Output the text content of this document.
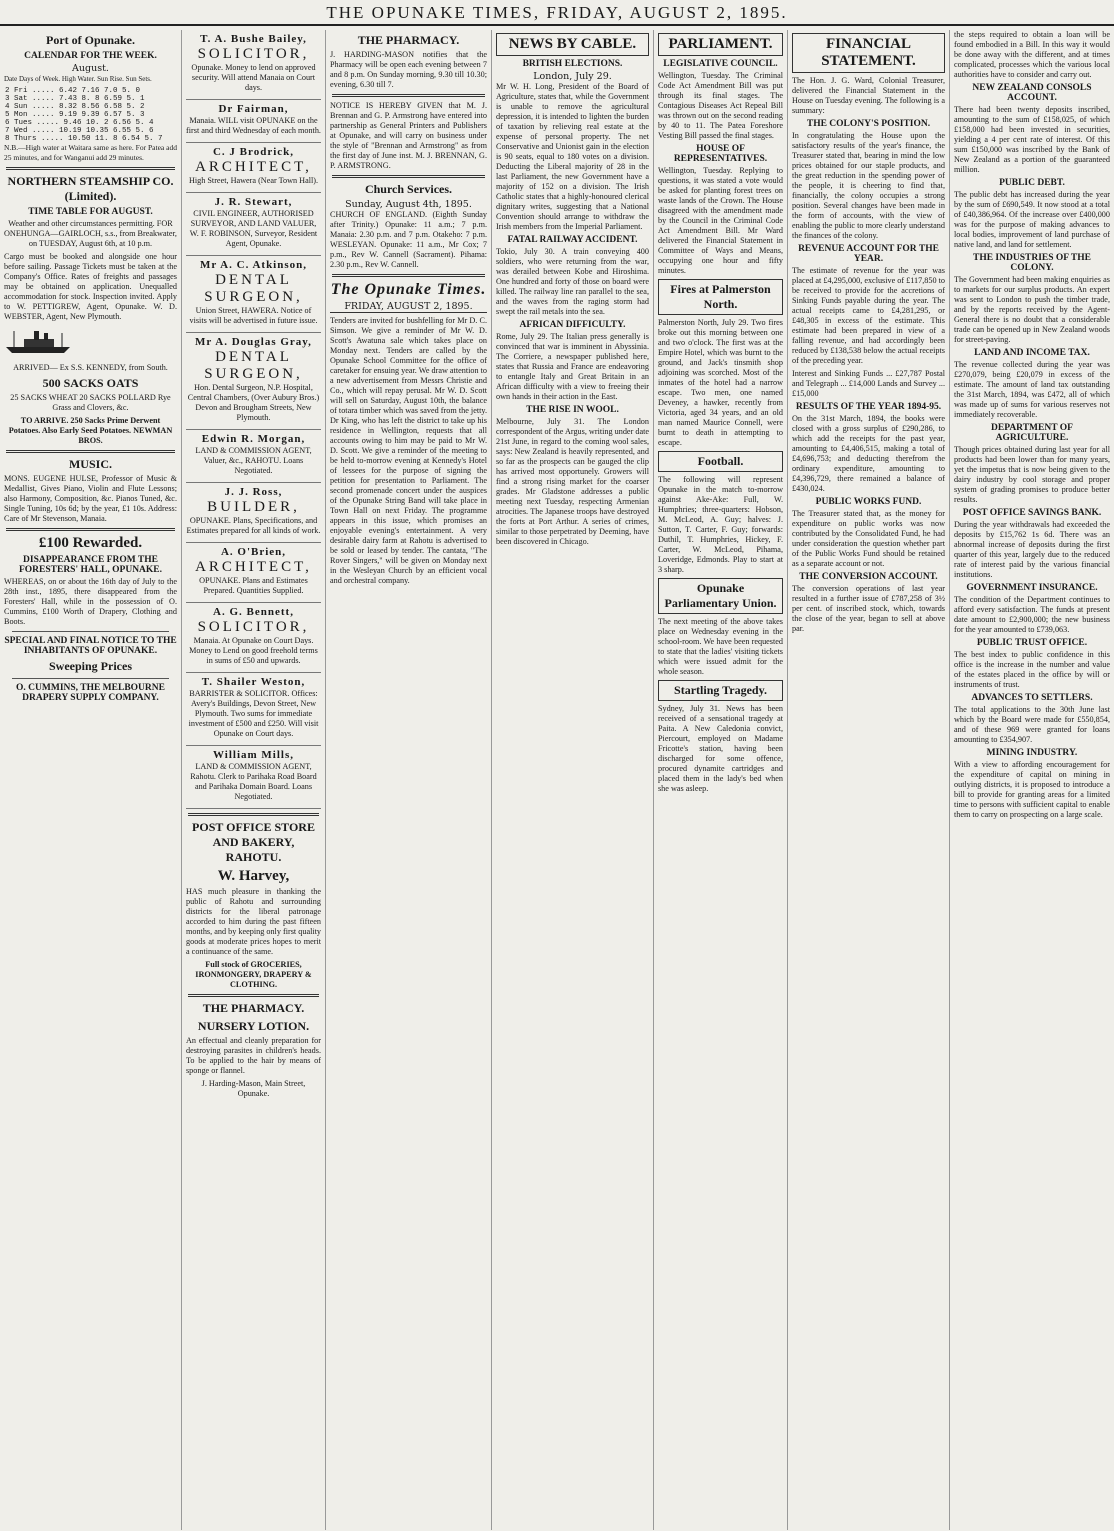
THE OPUNAKE TIMES, FRIDAY, AUGUST 2, 1895.
Port of Opunake.
CALENDAR FOR THE WEEK.
August.
Date Days of Week. High Water. Sun Rise. Sun Sets.
2 Fri ..... 6.42 7.16 7.0 5. 0
3 Sat ..... 7.43 8. 8 6.59 5. 1
4 Sun ..... 8.32 8.56 6.58 5. 2
5 Mon ..... 9.19 9.39 6.57 5. 3
6 Tues ..... 9.46 10. 2 6.56 5. 4
7 Wed ..... 10.19 10.35 6.55 5. 6
8 Thurs ..... 10.50 11. 8 6.54 5. 7
N.B.—High water at Waitara same as here. For Patea add 25 minutes, and for Wanganui add 29 minutes.
NORTHERN STEAMSHIP CO. (Limited).
TIME TABLE FOR AUGUST.
Weather and other circumstances permitting. FOR ONEHUNGA—GAIRLOCH, s.s., from Breakwater, on TUESDAY, August 6th, at 10 p.m.
Cargo must be booked and alongside one hour before sailing. Passage Tickets must be taken at the Company's Office. Rates of freights and passages may be obtained on application. Unequalled accommodation for stock. Inspection invited. Apply to W. PETTIGREW, Agent, Opunake. W. D. WEBSTER, Agent, New Plymouth.
ARRIVED— Ex S.S. KENNEDY, from South.
500 SACKS OATS
25 SACKS WHEAT 20 SACKS POLLARD Rye Grass and Clovers, &c.
TO ARRIVE. 250 Sacks Prime Derwent Potatoes. Also Early Seed Potatoes. NEWMAN BROS.
MUSIC.
MONS. EUGENE HULSE, Professor of Music & Medallist, Gives Piano, Violin and Flute Lessons; also Harmony, Composition, &c. Pianos Tuned, &c. Single Tuning, 10s 6d; by the year, £1 10s. Address: Care of Mr Stevenson, Manaia.
£100 Rewarded.
DISAPPEARANCE FROM THE FORESTERS' HALL, OPUNAKE.
WHEREAS, on or about the 16th day of July to the 28th inst., 1895, there disappeared from the Foresters' Hall, while in the possession of O. Cummins, £100 Worth of Drapery, Clothing and Boots.
SPECIAL AND FINAL NOTICE TO THE INHABITANTS OF OPUNAKE.
Sweeping Prices
O. CUMMINS, THE MELBOURNE DRAPERY SUPPLY COMPANY.
T. A. Bushe Bailey,
SOLICITOR,
Opunake. Money to lend on approved security. Will attend Manaia on Court days.
Dr Fairman,
Manaia. WILL visit OPUNAKE on the first and third Wednesday of each month.
C. J Brodrick,
ARCHITECT,
High Street, Hawera (Near Town Hall).
J. R. Stewart,
CIVIL ENGINEER, AUTHORISED SURVEYOR, AND LAND VALUER, W. F. ROBINSON, Surveyor, Resident Agent, Opunake.
Mr A. C. Atkinson,
DENTAL SURGEON,
Union Street, HAWERA. Notice of visits will be advertised in future issue.
Mr A. Douglas Gray,
DENTAL SURGEON,
Hon. Dental Surgeon, N.P. Hospital, Central Chambers, (Over Aubury Bros.) Devon and Brougham Streets, New Plymouth.
Edwin R. Morgan,
LAND & COMMISSION AGENT, Valuer, &c., RAHOTU. Loans Negotiated.
J. J. Ross,
BUILDER,
OPUNAKE. Plans, Specifications, and Estimates prepared for all kinds of work.
A. O'Brien,
ARCHITECT,
OPUNAKE. Plans and Estimates Prepared. Quantities Supplied.
A. G. Bennett,
SOLICITOR,
Manaia. At Opunake on Court Days. Money to Lend on good freehold terms in sums of £50 and upwards.
T. Shailer Weston,
BARRISTER & SOLICITOR. Offices: Avery's Buildings, Devon Street, New Plymouth. Two sums for immediate investment of £500 and £250. Will visit Opunake on Court days.
William Mills,
LAND & COMMISSION AGENT, Rahotu. Clerk to Parihaka Road Board and Parihaka Domain Board. Loans Negotiated.
POST OFFICE STORE AND BAKERY, RAHOTU.
W. Harvey,
HAS much pleasure in thanking the public of Rahotu and surrounding districts for the liberal patronage accorded to him during the past fifteen months, and by keeping only first quality goods at moderate prices hopes to merit a continuance of the same.
Full stock of GROCERIES, IRONMONGERY, DRAPERY & CLOTHING.
THE PHARMACY.
NURSERY LOTION.
An effectual and cleanly preparation for destroying parasites in children's heads. To be applied to the hair by means of sponge or flannel.
J. Harding-Mason, Main Street, Opunake.
THE PHARMACY.
J. HARDING-MASON notifies that the Pharmacy will be open each evening between 7 and 8 p.m. On Sunday morning, 9.30 till 10.30; evening, 6.30 till 7.
NOTICE IS HEREBY GIVEN that M. J. Brennan and G. P. Armstrong have entered into partnership as General Printers and Publishers at Opunake, and will carry on business under the style of "Brennan and Armstrong" as from the first day of June inst. M. J. BRENNAN, G. P. ARMSTRONG.
Church Services.
Sunday, August 4th, 1895.
CHURCH OF ENGLAND. (Eighth Sunday after Trinity.) Opunake: 11 a.m.; 7 p.m. Manaia: 2.30 p.m. and 7 p.m. Otakeho: 7 p.m. WESLEYAN. Opunake: 11 a.m., Mr Cox; 7 p.m., Rev W. Cannell (Sacrament). Pihama: 2.30 p.m., Rev W. Cannell.
The Opunake Times.
FRIDAY, AUGUST 2, 1895.
Tenders are invited for bushfelling for Mr D. C. Simson. We give a reminder of Mr W. D. Scott's Awatuna sale which takes place on Monday next. Tenders are called by the Opunake School Committee for the office of caretaker for ensuing year. We draw attention to a new advertisement from Messrs Christie and Co., which will repay perusal. Mr W. D. Scott will sell on Saturday, August 10th, the balance of totara timber which was saved from the jetty. Dr King, who has left the district to take up his residence in Wellington, requests that all accounts owing to him may be paid to Mr W. D. Scott. We give a reminder of the meeting to be held to-morrow evening at Kennedy's Hotel of lessees for the purpose of signing the petition for presentation to Parliament. The second promenade concert under the auspices of the Opunake String Band will take place in Town Hall on next Friday. The programme appears in this issue, which promises an enjoyable evening's entertainment. A very desirable dairy farm at Rahotu is advertised to be sold or leased by tender. The cantata, "The Rover Singers," will be given on Monday next in the Wesleyan Church by an efficient vocal and orchestral company.
NEWS BY CABLE.
BRITISH ELECTIONS.
London, July 29.
Mr W. H. Long, President of the Board of Agriculture, states that, while the Government is unable to remove the agricultural depression, it is intended to lighten the burden of taxation by relieving real estate at the expense of personal property. The net Conservative and Unionist gain in the election is 90 seats, equal to 180 votes on a division. Deducting the Liberal majority of 28 in the last Parliament, the new Government have a majority of 152 on a division. The Irish Catholic states that a highly-honoured clerical dignitary writes, suggesting that a National Convention should arrange to withdraw the Irish members from the Imperial Parliament.
FATAL RAILWAY ACCIDENT.
Tokio, July 30. A train conveying 400 soldiers, who were returning from the war, was derailed between Kobe and Hiroshima. One hundred and forty of those on board were killed. The railway line ran parallel to the sea, and the waves from the raging storm had swept the rail metals into the sea.
AFRICAN DIFFICULTY.
Rome, July 29. The Italian press generally is convinced that war is imminent in Abyssinia. The Corriere, a newspaper published here, states that Russia and France are endeavoring to entangle Italy and Great Britain in an African difficulty with a view to freeing their own hands in their action in the East.
THE RISE IN WOOL.
Melbourne, July 31. The London correspondent of the Argus, writing under date 21st June, in regard to the coming wool sales, says: New Zealand is heavily represented, and so far as the prospects can be gauged the clip has arrived most opportunely. Growers will find a strong rising market for the coarser grades. Mr Gladstone addresses a public meeting next Tuesday, respecting Armenian atrocities. The Japanese troops have destroyed the forts at Port Arthur. A series of crimes, similar to those perpetrated by Deeming, have been discovered in Chicago.
PARLIAMENT.
LEGISLATIVE COUNCIL.
Wellington, Tuesday. The Criminal Code Act Amendment Bill was put through its final stages. The Contagious Diseases Act Repeal Bill was thrown out on the second reading by 40 to 11. The Patea Foreshore Vesting Bill passed the final stages.
HOUSE OF REPRESENTATIVES.
Wellington, Tuesday. Replying to questions, it was stated a vote would be asked for planting forest trees on waste lands of the Crown. The House disagreed with the amendment made by the Council in the Criminal Code Act Amendment Bill. Mr Ward delivered the Financial Statement in Committee of Ways and Means, occupying one hour and fifty minutes.
Fires at Palmerston North.
Palmerston North, July 29. Two fires broke out this morning between one and two o'clock. The first was at the Empire Hotel, which was burnt to the ground, and Jack's tinsmith shop adjoining was scorched. Most of the inmates of the hotel had a narrow escape. Two men, one named Deveney, a hawker, recently from Victoria, aged 34 years, and an old man named Maurice Connell, were burnt to death in attempting to escape.
Football.
The following will represent Opunake in the match to-morrow against Ake-Ake: Full, W. Humphries; three-quarters: Hobson, M. McLeod, A. Guy; halves: J. Sutton, T. Carter, F. Guy; forwards: Duthil, T. Humphries, Hickey, F. Carter, W. McLeod, Pihama, Loveridge, Edmonds. Play to start at 3 sharp.
Opunake Parliamentary Union.
The next meeting of the above takes place on Wednesday evening in the school-room. We have been requested to state that the ladies' visiting tickets which were issued admit for the whole season.
Startling Tragedy.
Sydney, July 31. News has been received of a sensational tragedy at Paita. A New Caledonia convict, Piercourt, employed on Madame Fricotte's station, having been discharged for some offence, procured dynamite cartridges and placed them in the lady's bed when she was asleep.
FINANCIAL STATEMENT.
The Hon. J. G. Ward, Colonial Treasurer, delivered the Financial Statement in the House on Tuesday evening. The following is a summary:
THE COLONY'S POSITION.
In congratulating the House upon the satisfactory results of the year's finance, the Treasurer stated that, bearing in mind the low prices obtained for our staple products, and the great reduction in the spending power of the people, it is cheering to find that, financially, the colony occupies a strong position. Several changes have been made in the form of accounts, with the view of enabling the public to more clearly understand the finances of the colony.
REVENUE ACCOUNT FOR THE YEAR.
The estimate of revenue for the year was placed at £4,295,000, exclusive of £117,850 to be received to provide for the accretions of Sinking Funds payable during the year. The actual receipts came to £4,281,295, or £48,305 in excess of the estimate. This estimate had been prepared in view of a falling revenue, and had accordingly been reduced by £138,538 below the actual receipts of the preceding year.
Interest and Sinking Funds ... £27,787 Postal and Telegraph ... £14,000 Lands and Survey ... £15,000
RESULTS OF THE YEAR 1894-95.
On the 31st March, 1894, the books were closed with a gross surplus of £290,286, to which add the receipts for the past year, amounting to £4,406,515, making a total of £4,696,753; and deducting therefrom the ordinary expenditure, amounting to £4,396,729, there remained a balance of £430,024.
PUBLIC WORKS FUND.
The Treasurer stated that, as the money for expenditure on public works was now contributed by the Consolidated Fund, he had under consideration the question whether part of the Public Works Fund should be retained as a separate account or not.
THE CONVERSION ACCOUNT.
The conversion operations of last year resulted in a further issue of £787,258 of 3½ per cent. of inscribed stock, which, towards the close of the year, began to sell at above par.
the steps required to obtain a loan will be found embodied in a Bill. In this way it would be done away with the different, and at times complicated, processes which the various local authorities have to consider and carry out.
NEW ZEALAND CONSOLS ACCOUNT.
There had been twenty deposits inscribed, amounting to the sum of £158,025, of which £158,000 had been invested in securities, yielding a 4 per cent rate of interest. Of this sum £150,000 was inscribed by the Bank of New Zealand as a portion of the guaranteed million.
PUBLIC DEBT.
The public debt has increased during the year by the sum of £690,549. It now stood at a total of £40,386,964. Of the increase over £400,000 was for the purpose of making advances to local bodies, improvement of land purchase of native land, and land for settlement.
THE INDUSTRIES OF THE COLONY.
The Government had been making enquiries as to markets for our surplus products. An expert was sent to London to push the timber trade, and by the reports received by the Agent-General there is no doubt that a considerable trade can be opened up in New Zealand woods for street-paving.
LAND AND INCOME TAX.
The revenue collected during the year was £270,079, being £20,079 in excess of the estimate. The amount of land tax outstanding the 31st March, 1894, was £472, all of which was made up of sums for various reserves not immediately recoverable.
DEPARTMENT OF AGRICULTURE.
Though prices obtained during last year for all products had been lower than for many years, yet the impetus that is now being given to the dairy industry by cool storage and proper system of grading promises to produce better results.
POST OFFICE SAVINGS BANK.
During the year withdrawals had exceeded the deposits by £15,762 1s 6d. There was an abnormal increase of deposits during the first quarter of this year, largely due to the reduced rate of interest paid by the various financial institutions.
GOVERNMENT INSURANCE.
The condition of the Department continues to afford every satisfaction. The funds at present date amount to £2,900,000; the new business for the year amounted to £739,063.
PUBLIC TRUST OFFICE.
The best index to public confidence in this office is the increase in the number and value of the estates placed in the office by will or instruments of trust.
ADVANCES TO SETTLERS.
The total applications to the 30th June last which by the Board were made for £550,854, and of these 969 were granted for loans amounting to £354,907.
MINING INDUSTRY.
With a view to affording encouragement for the expenditure of capital on mining in outlying districts, it is proposed to introduce a bill to provide for granting areas for a limited time to persons with sufficient capital to enable them to carry on prospecting on a large scale.
